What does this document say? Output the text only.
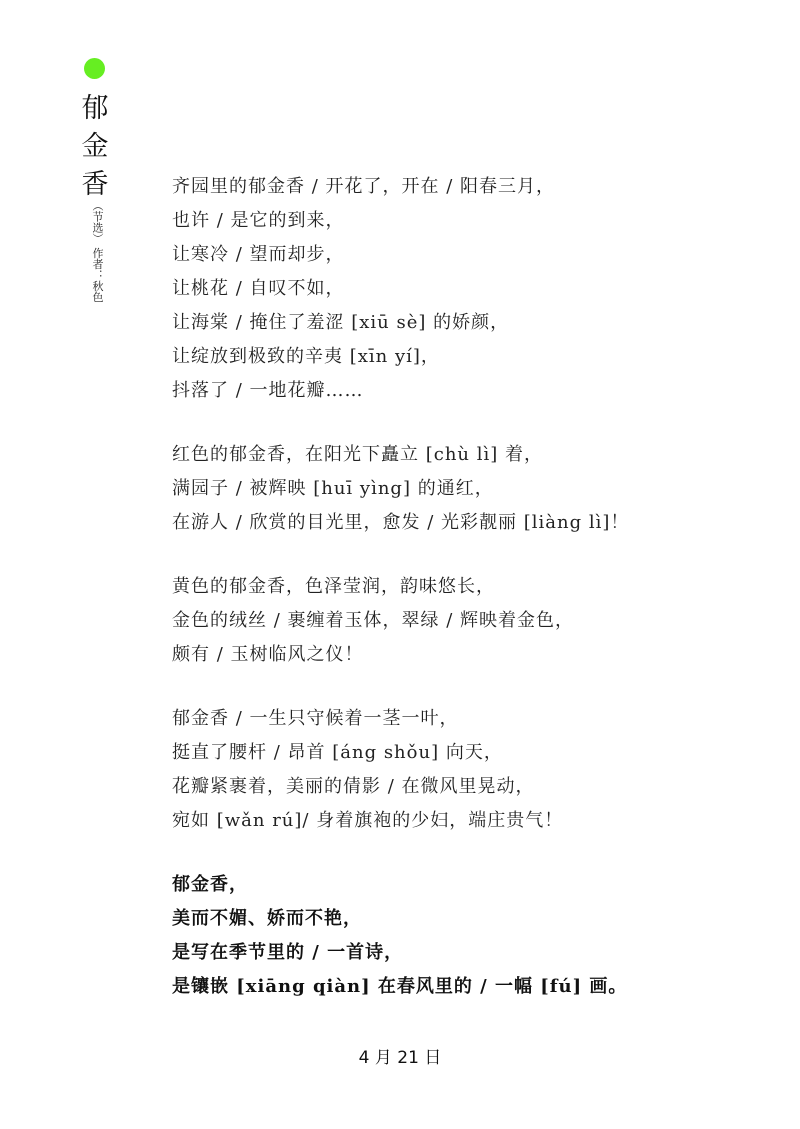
郁
金
香
（节选） 作者：秋色
齐园里的郁金香 / 开花了，开在 / 阳春三月，
也许 / 是它的到来，
让寒冷 / 望而却步，
让桃花 / 自叹不如，
让海棠 / 掩住了羞涩 [xiū sè] 的娇颜，
让绽放到极致的辛夷 [xīn yí]，
抖落了 / 一地花瓣……
红色的郁金香，在阳光下矗立 [chù lì] 着，
满园子 / 被辉映 [huī yìng] 的通红，
在游人 / 欣赏的目光里，愈发 / 光彩靓丽 [liàng lì]！
黄色的郁金香，色泽莹润，韵味悠长，
金色的绒丝 / 裹缠着玉体，翠绿 / 辉映着金色，
颇有 / 玉树临风之仪！
郁金香 / 一生只守候着一茎一叶，
挺直了腰杆 / 昂首 [áng shǒu] 向天，
花瓣紧裹着，美丽的倩影 / 在微风里晃动，
宛如 [wǎn rú]/ 身着旗袍的少妇，端庄贵气！
郁金香，
美而不媚、娇而不艳，
是写在季节里的 / 一首诗，
是镶嵌 [xiāng qiàn] 在春风里的 / 一幅 [fú] 画。
4 月 21 日
